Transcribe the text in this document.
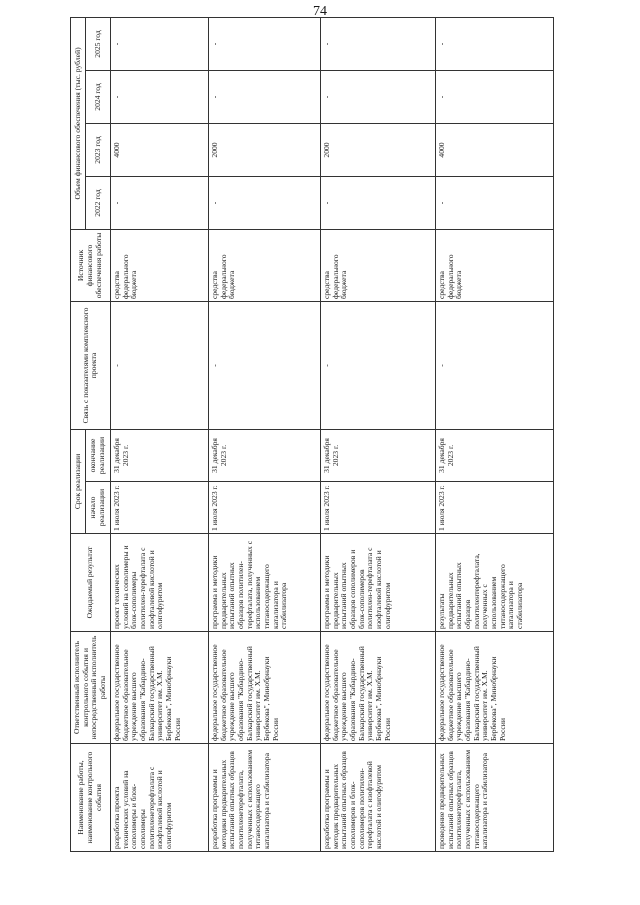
74
Наименование работы, наименование контрольного события	Ответственный исполнитель контрольного события и непосредственный исполнитель работы	Ожидаемый результат	Срок реализации		Связь с показателями комплексного проекта	Источник финансового обеспечения работы	Объем финансового обеспечения (тыс. рублей)			
			начало реализации	окончание реализации			2022 год	2023 год	2024 год	2025 год
разработка проекта технических условий на сополимеры и блок-сополимеры политиленетерефталата с изофталевой кислотой и олигофуритом	федеральное государственное бюджетное образовательное учреждение высшего образования "Кабардино-Балкарский государственный университет им. Х.М. Бербекова", Минобрнауки России	проект технических условий на сополимеры и блок-сополимеры политилен-терефталата с изофталевой кислотой и олигофуритом	1 июля 2023 г.	31 декабря 2023 г.	-	средства федерального бюджета	-	4000	-	-
разработка программы и методики предварительных испытаний опытных образцов политиленетерефталата, полученных с использованием титаносодержащего катализатора и стабилизатора	федеральное государственное бюджетное образовательное учреждение высшего образования "Кабардино-Балкарский государственный университет им. Х.М. Бербекова", Минобрнауки России	программа и методики предварительных испытаний опытных образцов политилен-терефталата, полученных с использованием титаносодержащего катализатора и стабилизатора	1 июля 2023 г.	31 декабря 2023 г.	-	средства федерального бюджета	-	2000	-	-
разработка программы и методик предварительных испытаний опытных образцов сополимеров и блок-сополимеров политилен-терефталата с изофталевой кислотой и олигофуритом	федеральное государственное бюджетное образовательное учреждение высшего образования "Кабардино-Балкарский государственный университет им. Х.М. Бербекова", Минобрнауки России	программа и методики предварительных испытаний опытных образцов сополимеров и блок-сополимеров политилен-терефталата с изофталевой кислотой и олигофуритом	1 июля 2023 г.	31 декабря 2023 г.	-	средства федерального бюджета	-	2000	-	-
проведение предварительных испытаний опытных образцов политиленетерефталата, полученных с использованием титаносодержащего катализатора и стабилизатора	федеральное государственное бюджетное образовательное учреждение высшего образования "Кабардино-Балкарский государственный университет им. Х.М. Бербекова", Минобрнауки России	результаты предварительных испытаний опытных образцов политилентерефталата, полученных с использованием титаносодержащего катализатора и стабилизатора	1 июля 2023 г.	31 декабря 2023 г.	-	средства федерального бюджета	-	4000	-	-
